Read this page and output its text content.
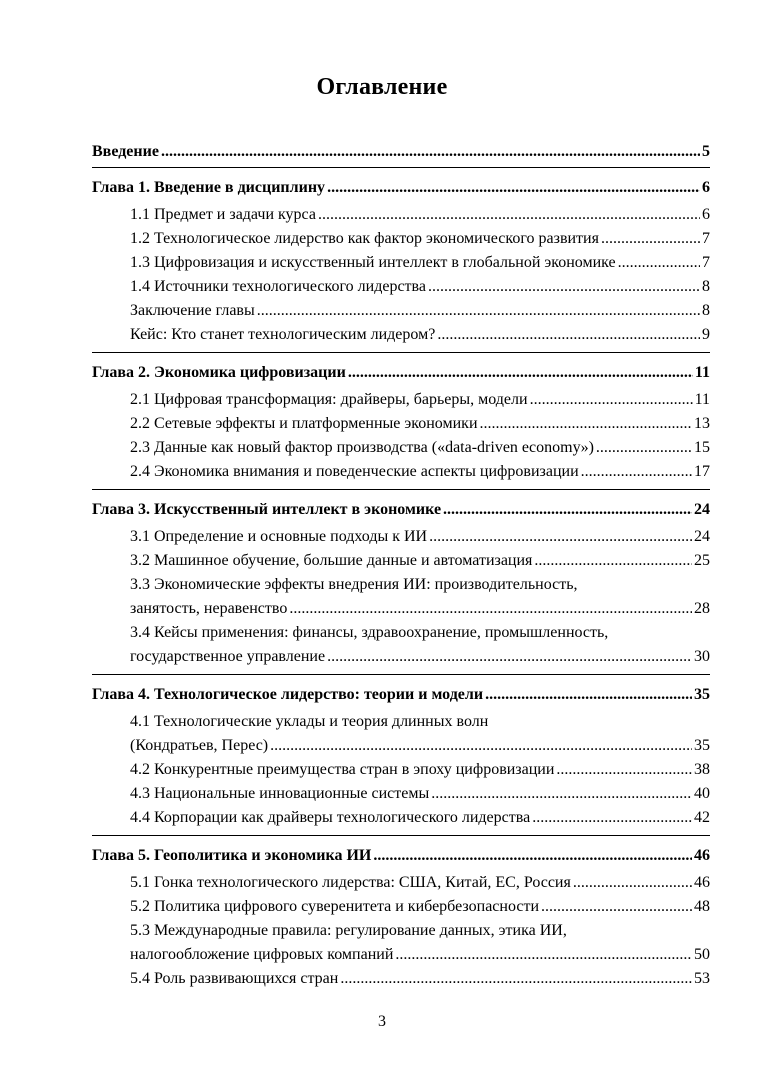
Оглавление
Введение .....	5
Глава 1. Введение в дисциплину .....	6
1.1 Предмет и задачи курса .....	6
1.2 Технологическое лидерство как фактор экономического развития .....	7
1.3 Цифровизация и искусственный интеллект в глобальной экономике .....	7
1.4 Источники технологического лидерства .....	8
Заключение главы .....	8
Кейс: Кто станет технологическим лидером? .....	9
Глава 2. Экономика цифровизации .....	11
2.1 Цифровая трансформация: драйверы, барьеры, модели .....	11
2.2 Сетевые эффекты и платформенные экономики .....	13
2.3 Данные как новый фактор производства («data-driven economy») .....	15
2.4 Экономика внимания и поведенческие аспекты цифровизации .....	17
Глава 3. Искусственный интеллект в экономике .....	24
3.1 Определение и основные подходы к ИИ .....	24
3.2 Машинное обучение, большие данные и автоматизация .....	25
3.3 Экономические эффекты внедрения ИИ: производительность,
занятость, неравенство .....	28
3.4 Кейсы применения: финансы, здравоохранение, промышленность,
государственное управление .....	30
Глава 4. Технологическое лидерство: теории и модели .....	35
4.1 Технологические уклады и теория длинных волн
(Кондратьев, Перес) .....	35
4.2 Конкурентные преимущества стран в эпоху цифровизации .....	38
4.3 Национальные инновационные системы .....	40
4.4 Корпорации как драйверы технологического лидерства .....	42
Глава 5. Геополитика и экономика ИИ .....	46
5.1 Гонка технологического лидерства: США, Китай, ЕС, Россия .....	46
5.2 Политика цифрового суверенитета и кибербезопасности .....	48
5.3 Международные правила: регулирование данных, этика ИИ,
налогообложение цифровых компаний .....	50
5.4 Роль развивающихся стран .....	53
3
